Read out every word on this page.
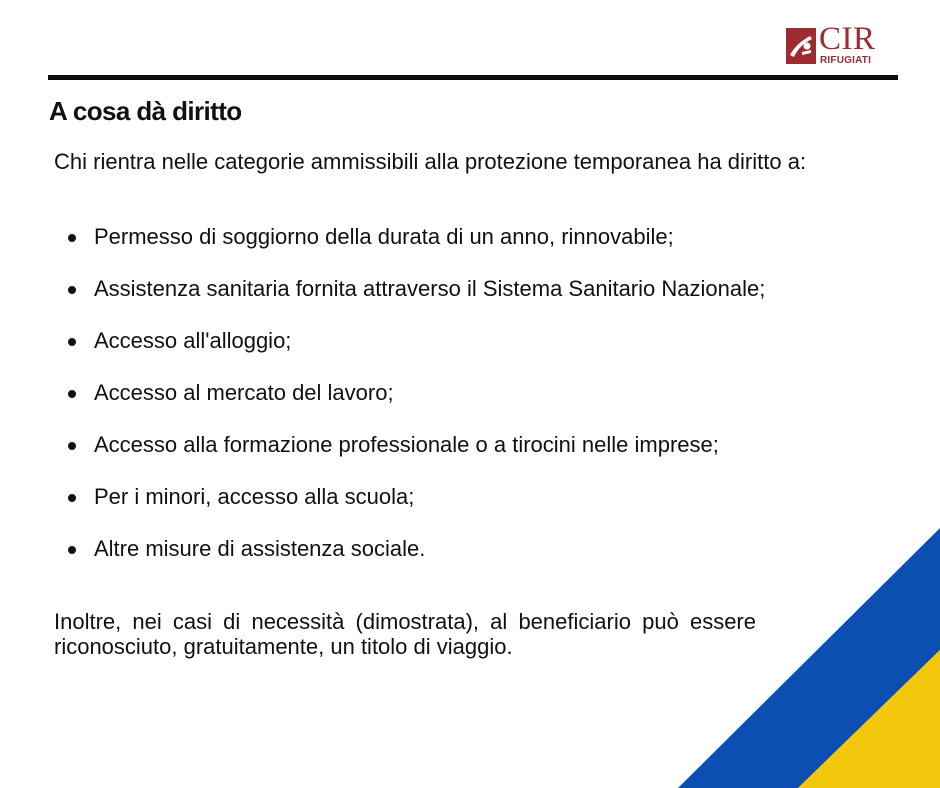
CIR
RIFUGIATI
A cosa dà diritto

Chi rientra nelle categorie ammissibili alla protezione temporanea ha diritto a:

Permesso di soggiorno della durata di un anno, rinnovabile;
Assistenza sanitaria fornita attraverso il Sistema Sanitario Nazionale;
Accesso all'alloggio;
Accesso al mercato del lavoro;
Accesso alla formazione professionale o a tirocini nelle imprese;
Per i minori, accesso alla scuola;
Altre misure di assistenza sociale.

Inoltre, nei casi di necessità (dimostrata), al beneficiario può essere riconosciuto, gratuitamente, un titolo di viaggio.
